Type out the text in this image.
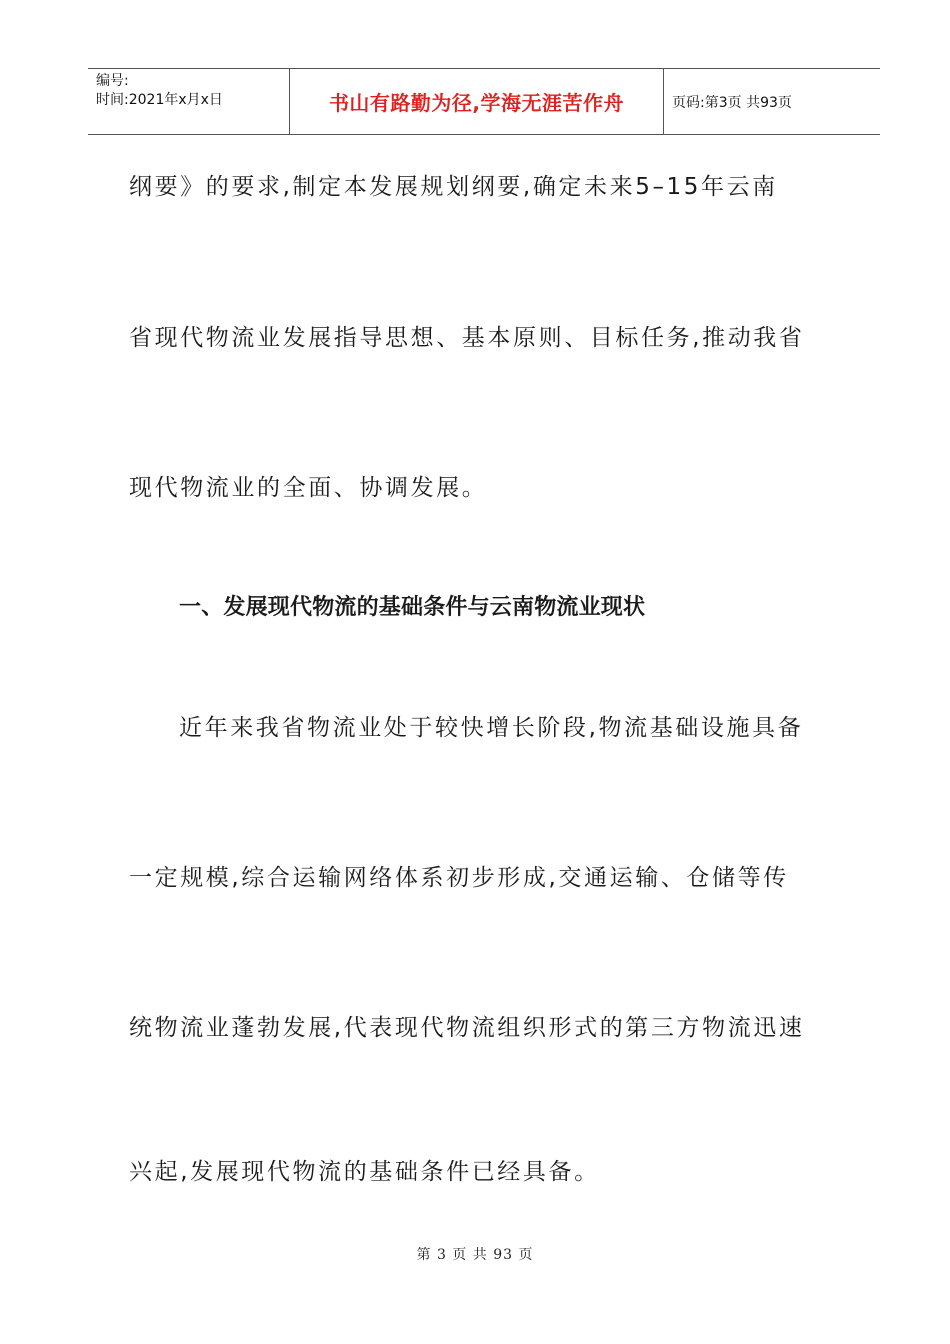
编号:
时间:2021年x月x日	书山有路勤为径,学海无涯苦作舟	页码:第3页 共93页
纲要》的要求,制定本发展规划纲要,确定未来5–15年云南
省现代物流业发展指导思想、基本原则、目标任务,推动我省
现代物流业的全面、协调发展。
一、发展现代物流的基础条件与云南物流业现状
近年来我省物流业处于较快增长阶段,物流基础设施具备
一定规模,综合运输网络体系初步形成,交通运输、仓储等传
统物流业蓬勃发展,代表现代物流组织形式的第三方物流迅速
兴起,发展现代物流的基础条件已经具备。
第 3 页 共 93 页
